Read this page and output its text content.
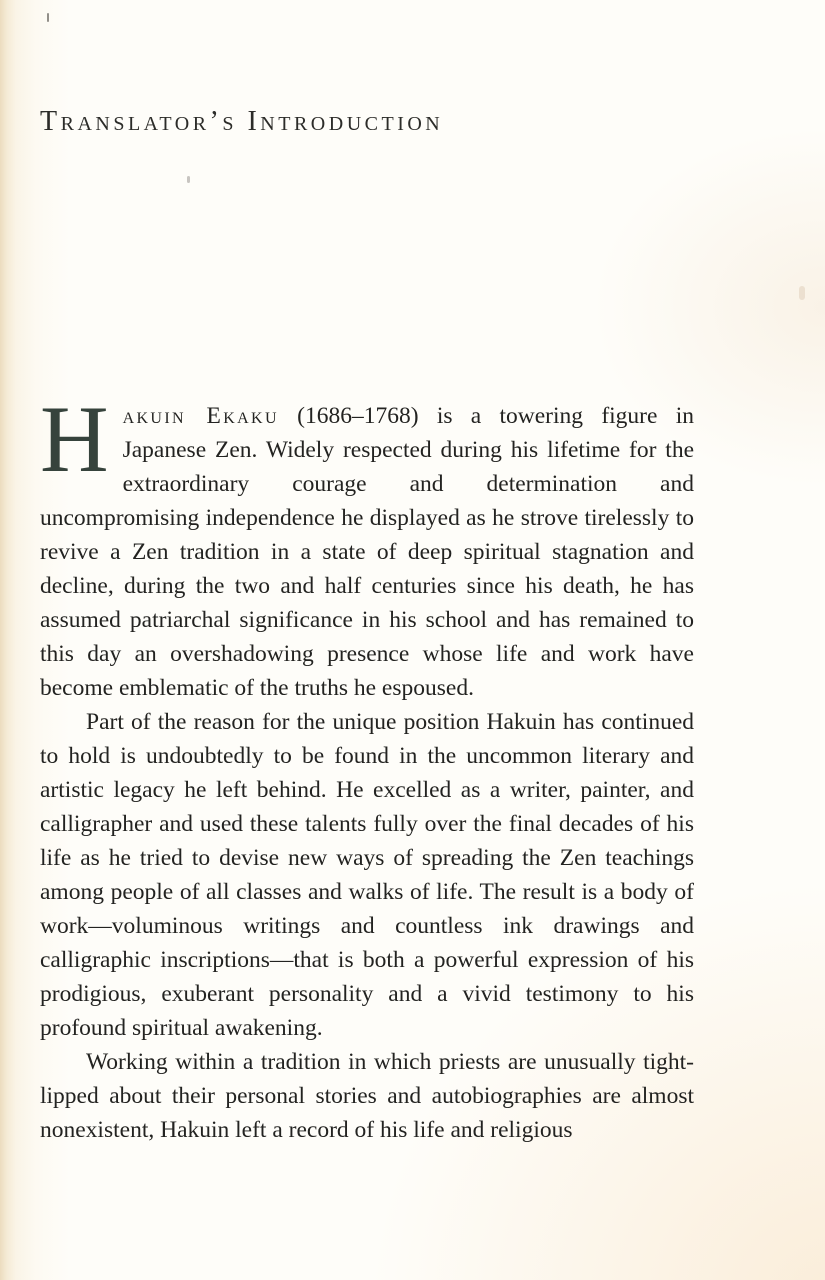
Translator’s Introduction

Hakuin Ekaku (1686–1768) is a towering figure in Japanese Zen. Widely respected during his lifetime for the extraordinary courage and determination and uncompromising independence he displayed as he strove tirelessly to revive a Zen tradition in a state of deep spiritual stagnation and decline, during the two and half centuries since his death, he has assumed patriarchal significance in his school and has remained to this day an overshadowing presence whose life and work have become emblematic of the truths he espoused.

Part of the reason for the unique position Hakuin has continued to hold is undoubtedly to be found in the uncommon literary and artistic legacy he left behind. He excelled as a writer, painter, and calligrapher and used these talents fully over the final decades of his life as he tried to devise new ways of spreading the Zen teachings among people of all classes and walks of life. The result is a body of work—voluminous writings and countless ink drawings and calligraphic inscriptions—that is both a powerful expression of his prodigious, exuberant personality and a vivid testimony to his profound spiritual awakening.

Working within a tradition in which priests are unusually tight-lipped about their personal stories and autobiographies are almost nonexistent, Hakuin left a record of his life and religious
